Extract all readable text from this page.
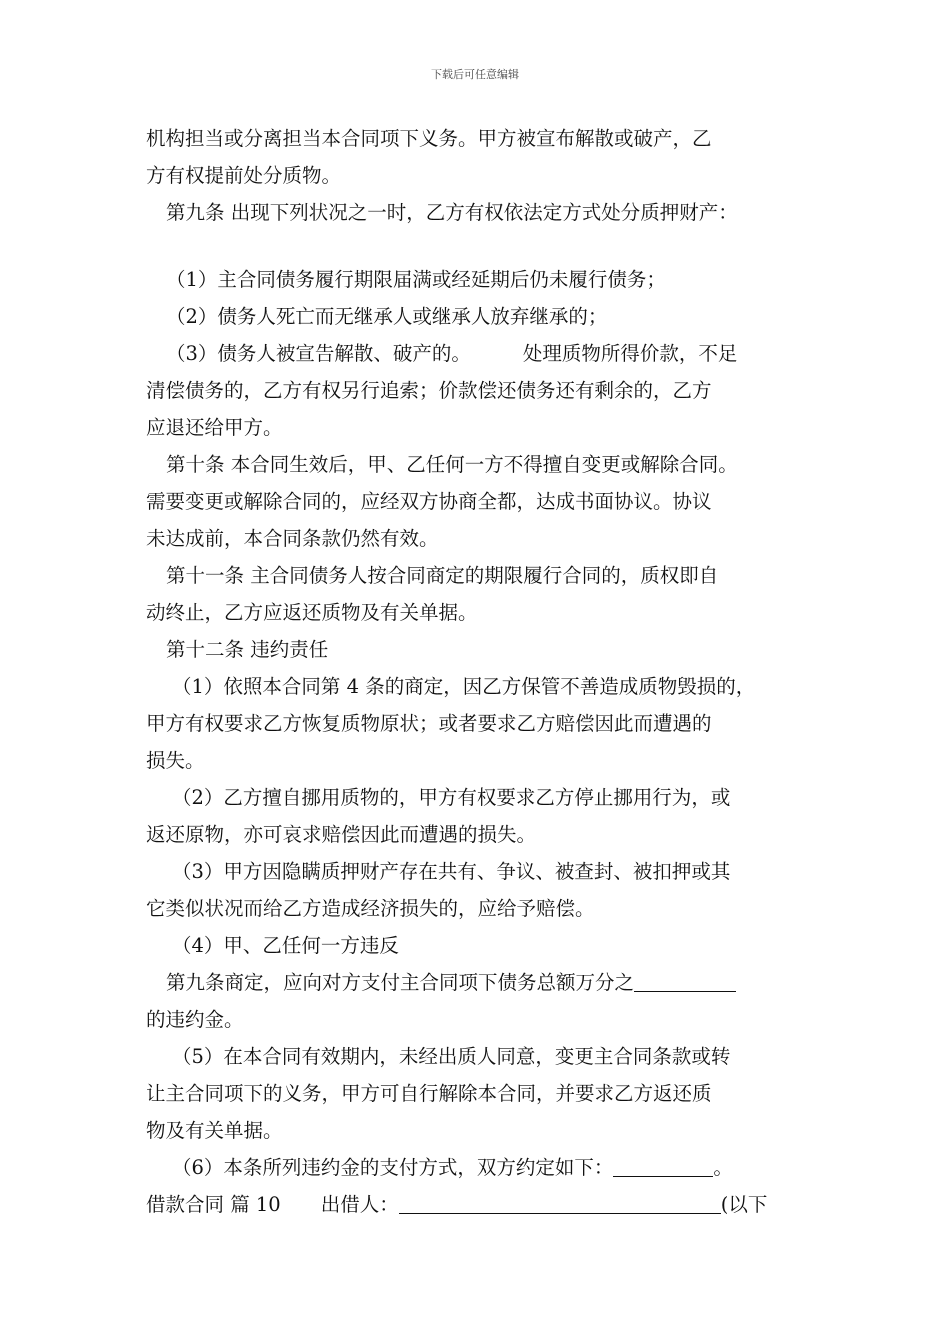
下载后可任意编辑
机构担当或分离担当本合同项下义务。甲方被宣布解散或破产，乙
方有权提前处分质物。
第九条 出现下列状况之一时，乙方有权依法定方式处分质押财产：
（1）主合同债务履行期限届满或经延期后仍未履行债务；
（2）债务人死亡而无继承人或继承人放弃继承的；
（3）债务人被宣告解散、破产的。	处理质物所得价款，不足
清偿债务的，乙方有权另行追索；价款偿还债务还有剩余的，乙方
应退还给甲方。
第十条 本合同生效后，甲、乙任何一方不得擅自变更或解除合同。
需要变更或解除合同的，应经双方协商全都，达成书面协议。协议
未达成前，本合同条款仍然有效。
第十一条 主合同债务人按合同商定的期限履行合同的，质权即自
动终止，乙方应返还质物及有关单据。
第十二条 违约责任
（1）依照本合同第 4 条的商定，因乙方保管不善造成质物毁损的，
甲方有权要求乙方恢复质物原状；或者要求乙方赔偿因此而遭遇的
损失。
（2）乙方擅自挪用质物的，甲方有权要求乙方停止挪用行为，或
返还原物，亦可哀求赔偿因此而遭遇的损失。
（3）甲方因隐瞒质押财产存在共有、争议、被查封、被扣押或其
它类似状况而给乙方造成经济损失的，应给予赔偿。
（4）甲、乙任何一方违反
第九条商定，应向对方支付主合同项下债务总额万分之
的违约金。
（5）在本合同有效期内，未经出质人同意，变更主合同条款或转
让主合同项下的义务，甲方可自行解除本合同，并要求乙方返还质
物及有关单据。
（6）本条所列违约金的支付方式，双方约定如下：	。
借款合同 篇 10 出借人：	(以下
